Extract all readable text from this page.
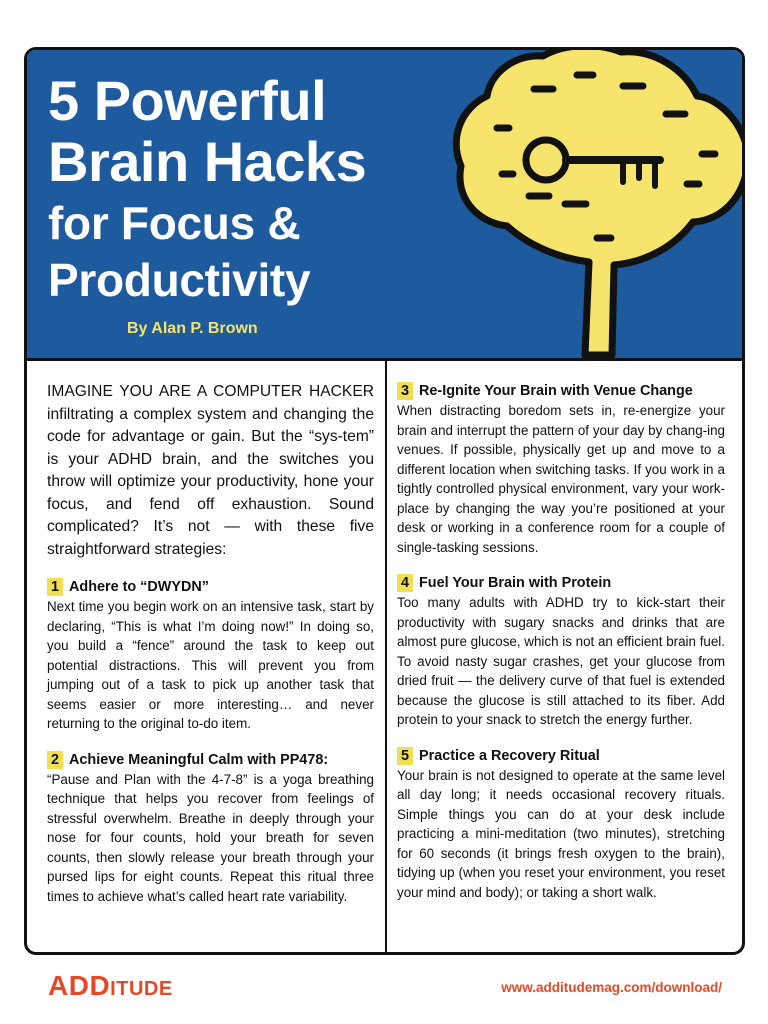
5 Powerful
Brain Hacks
for Focus &
Productivity
By Alan P. Brown

IMAGINE YOU ARE A COMPUTER HACKER infiltrating a complex system and changing the code for advantage or gain. But the “sys-tem” is your ADHD brain, and the switches you throw will optimize your productivity, hone your focus, and fend off exhaustion. Sound complicated? It’s not — with these five straightforward strategies:

1 Adhere to “DWYDN”

Next time you begin work on an intensive task, start by declaring, “This is what I’m doing now!” In doing so, you build a “fence” around the task to keep out potential distractions. This will prevent you from jumping out of a task to pick up another task that seems easier or more interesting… and never returning to the original to-do item.

2 Achieve Meaningful Calm with PP478:

“Pause and Plan with the 4-7-8” is a yoga breathing technique that helps you recover from feelings of stressful overwhelm. Breathe in deeply through your nose for four counts, hold your breath for seven counts, then slowly release your breath through your pursed lips for eight counts. Repeat this ritual three times to achieve what’s called heart rate variability.

3 Re-Ignite Your Brain with Venue Change

When distracting boredom sets in, re-energize your brain and interrupt the pattern of your day by chang-ing venues. If possible, physically get up and move to a different location when switching tasks. If you work in a tightly controlled physical environment, vary your work-place by changing the way you’re positioned at your desk or working in a conference room for a couple of single-tasking sessions.

4 Fuel Your Brain with Protein

Too many adults with ADHD try to kick-start their productivity with sugary snacks and drinks that are almost pure glucose, which is not an efficient brain fuel. To avoid nasty sugar crashes, get your glucose from dried fruit — the delivery curve of that fuel is extended because the glucose is still attached to its fiber. Add protein to your snack to stretch the energy further.

5 Practice a Recovery Ritual

Your brain is not designed to operate at the same level all day long; it needs occasional recovery rituals. Simple things you can do at your desk include practicing a mini-meditation (two minutes), stretching for 60 seconds (it brings fresh oxygen to the brain), tidying up (when you reset your environment, you reset your mind and body); or taking a short walk.

ADDITUDE	www.additudemag.com/download/
